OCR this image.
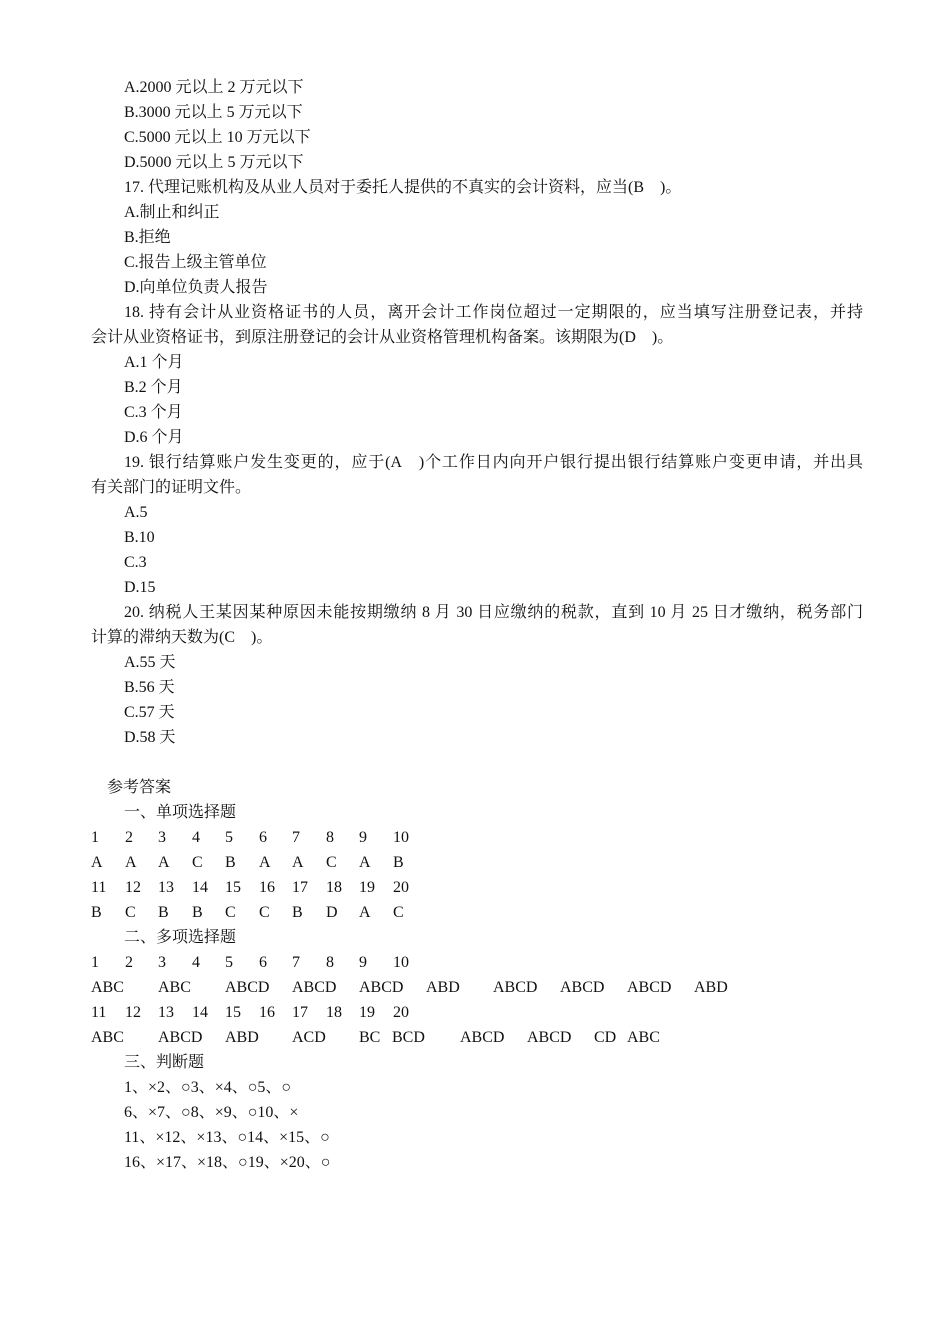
A.2000 元以上 2 万元以下
B.3000 元以上 5 万元以下
C.5000 元以上 10 万元以下
D.5000 元以上 5 万元以下
17. 代理记账机构及从业人员对于委托人提供的不真实的会计资料，应当(B　)。
A.制止和纠正
B.拒绝
C.报告上级主管单位
D.向单位负责人报告
18. 持有会计从业资格证书的人员，离开会计工作岗位超过一定期限的，应当填写注册登记表，并持
会计从业资格证书，到原注册登记的会计从业资格管理机构备案。该期限为(D　)。
A.1 个月
B.2 个月
C.3 个月
D.6 个月
19. 银行结算账户发生变更的，应于(A　)个工作日内向开户银行提出银行结算账户变更申请，并出具
有关部门的证明文件。
A.5
B.10
C.3
D.15
20. 纳税人王某因某种原因未能按期缴纳 8 月 30 日应缴纳的税款，直到 10 月 25 日才缴纳，税务部门
计算的滞纳天数为(C　)。
A.55 天
B.56 天
C.57 天
D.58 天
参考答案
一、单项选择题
1 2 3 4 5 6 7 8 9 10
A A A C B A A C A B
11 12 13 14 15 16 17 18 19 20
B C B B C C B D A C
二、多项选择题
1 2 3 4 5 6 7 8 9 10
ABC ABC ABCD ABCD ABCD ABD ABCD ABCD ABCD ABD
11 12 13 14 15 16 17 18 19 20
ABC ABCD ABD ACD BC BCD ABCD ABCD CD ABC
三、判断题
1、×2、○3、×4、○5、○
6、×7、○8、×9、○10、×
11、×12、×13、○14、×15、○
16、×17、×18、○19、×20、○
